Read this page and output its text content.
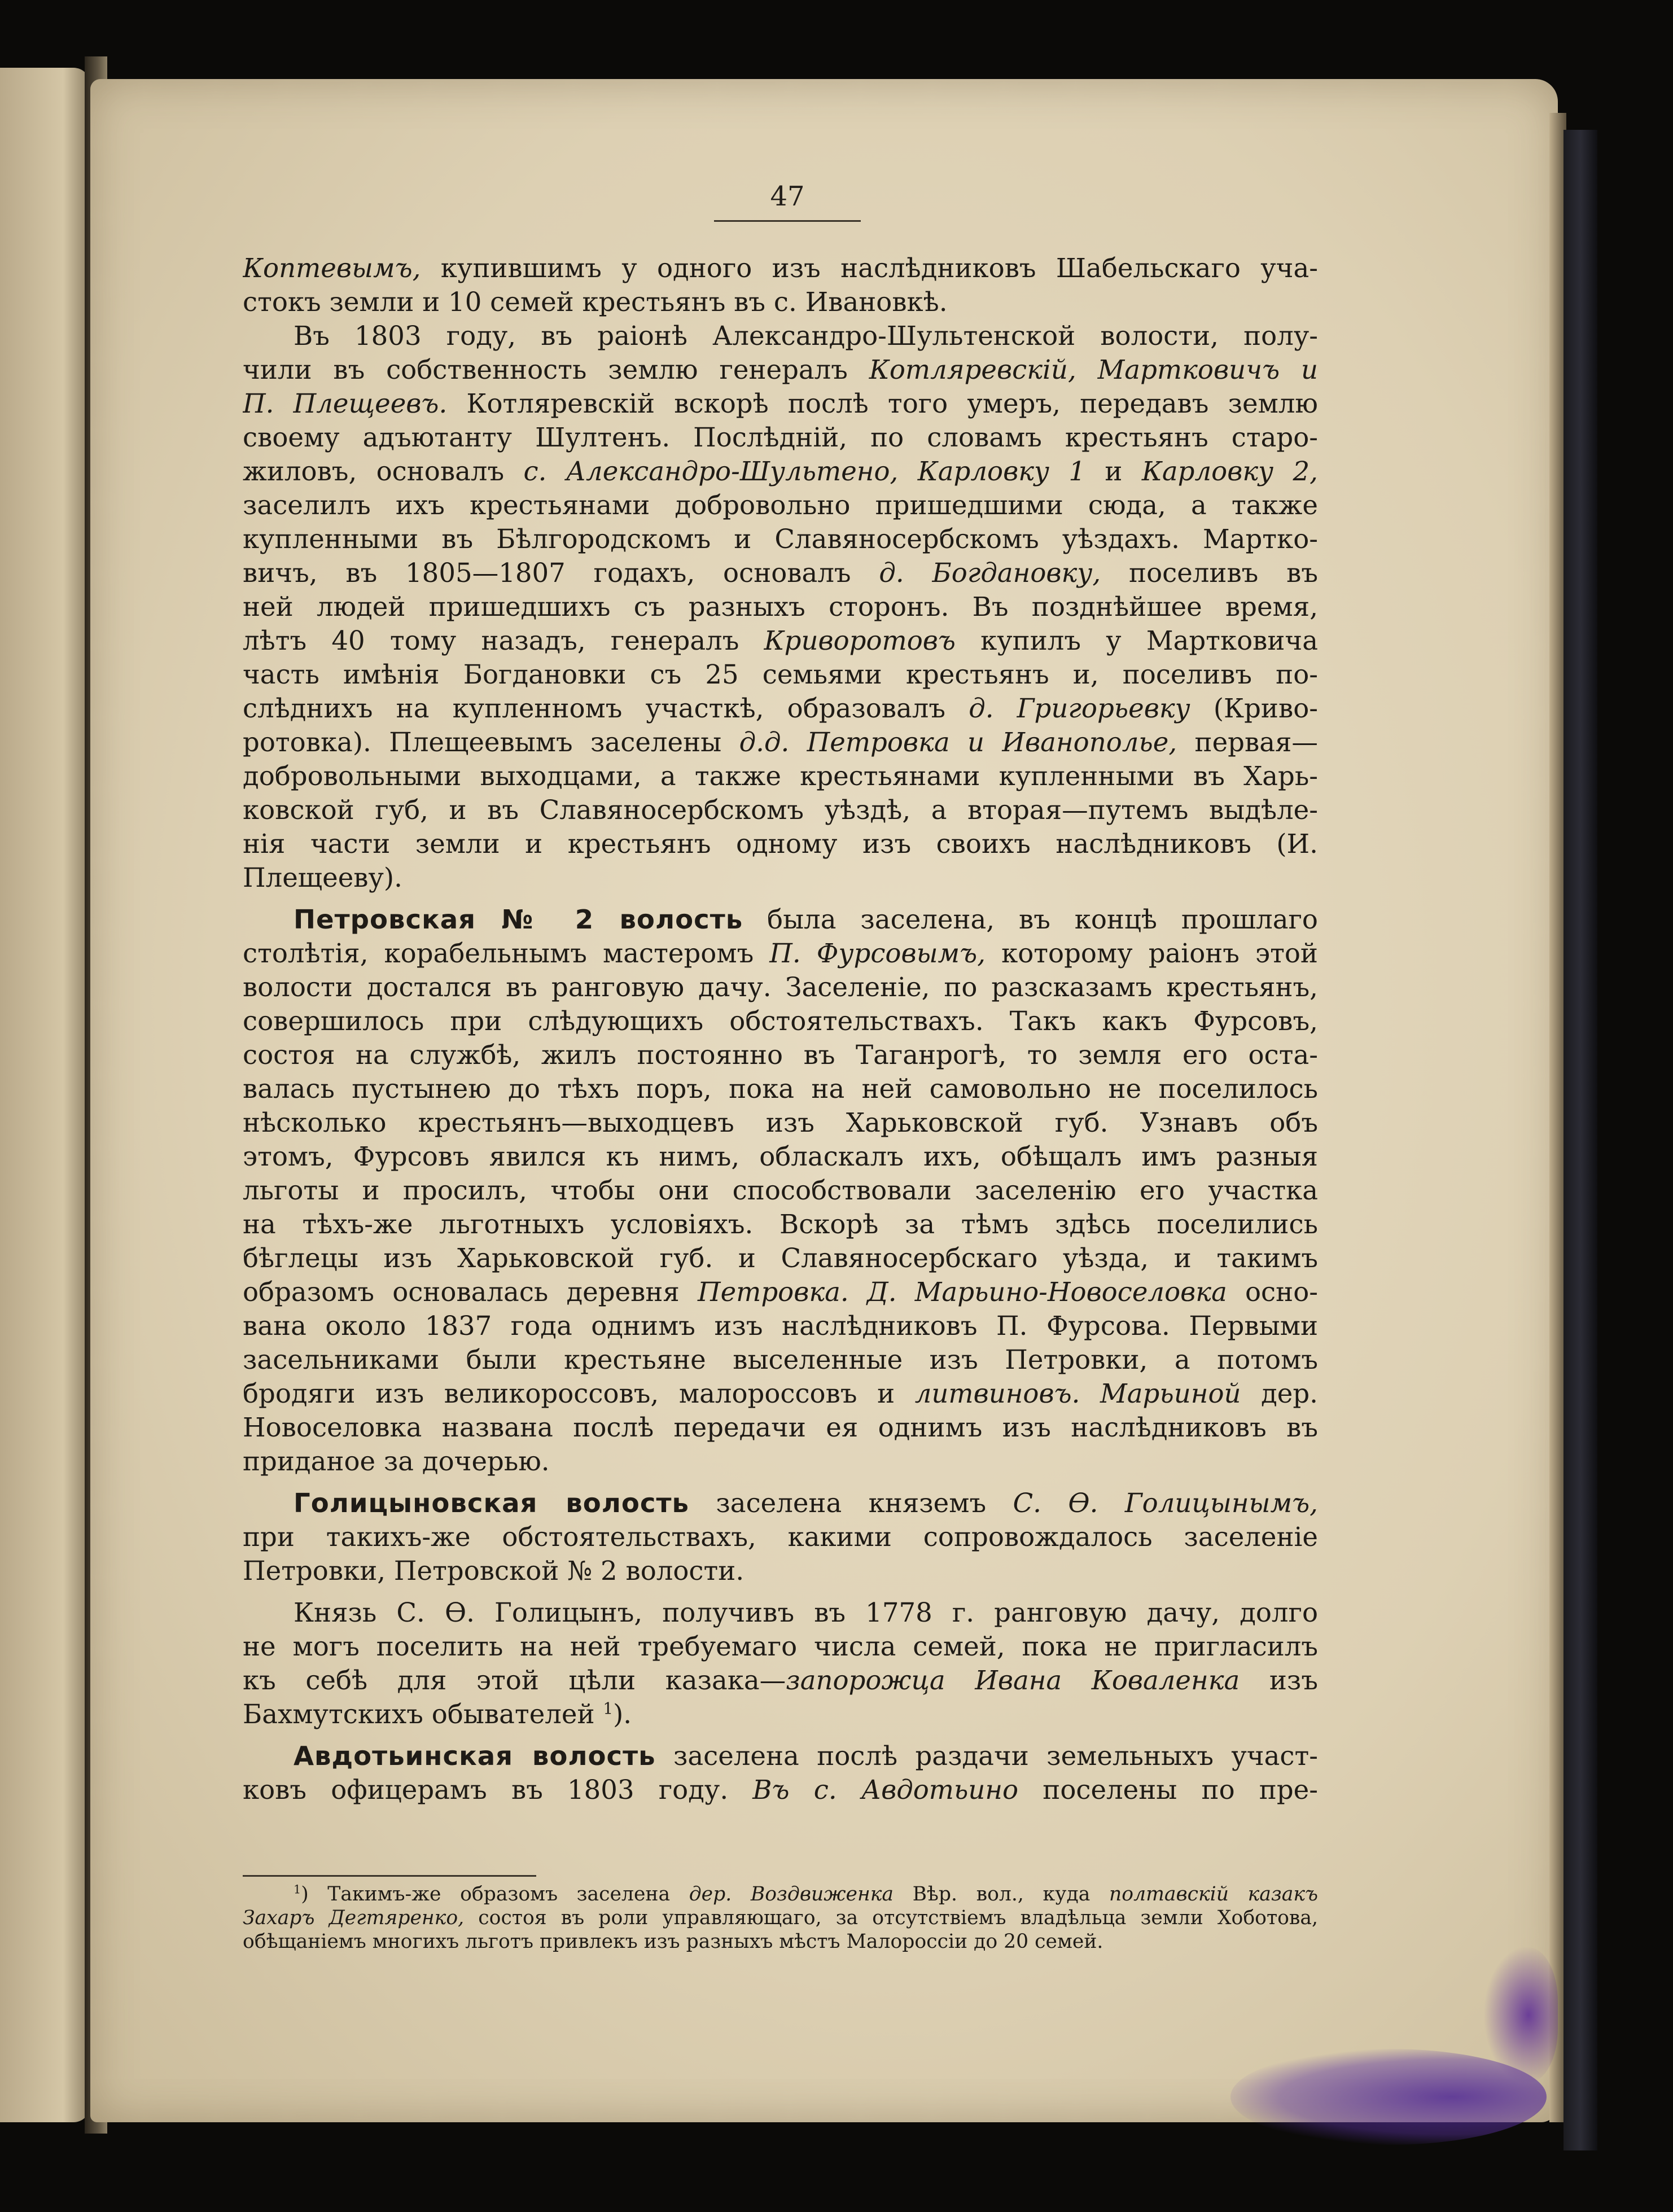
47
Коптевымъ, купившимъ у одного изъ наслѣдниковъ Шабельскаго уча-
стокъ земли и 10 семей крестьянъ въ с. Ивановкѣ.
Въ 1803 году, въ раіонѣ Александро-Шультенской волости, полу-
чили въ собственность землю генералъ Котляревскій, Мартковичъ и
П. Плещеевъ. Котляревскій вскорѣ послѣ того умеръ, передавъ землю
своему адъютанту Шултенъ. Послѣдній, по словамъ крестьянъ старо-
жиловъ, основалъ с. Александро-Шультено, Карловку 1 и Карловку 2,
заселилъ ихъ крестьянами добровольно пришедшими сюда, а также
купленными въ Бѣлгородскомъ и Славяносербскомъ уѣздахъ. Мартко-
вичъ, въ 1805—1807 годахъ, основалъ д. Богдановку, поселивъ въ
ней людей пришедшихъ съ разныхъ сторонъ. Въ позднѣйшее время,
лѣтъ 40 тому назадъ, генералъ Криворотовъ купилъ у Мартковича
часть имѣнія Богдановки съ 25 семьями крестьянъ и, поселивъ по-
слѣднихъ на купленномъ участкѣ, образовалъ д. Григорьевку (Криво-
ротовка). Плещеевымъ заселены д.д. Петровка и Иванополье, первая—
добровольными выходцами, а также крестьянами купленными въ Харь-
ковской губ, и въ Славяносербскомъ уѣздѣ, а вторая—путемъ выдѣле-
нія части земли и крестьянъ одному изъ своихъ наслѣдниковъ (И.
Плещееву).
Петровская № 2 волость была заселена, въ концѣ прошлаго
столѣтія, корабельнымъ мастеромъ П. Фурсовымъ, которому раіонъ этой
волости достался въ ранговую дачу. Заселеніе, по разсказамъ крестьянъ,
совершилось при слѣдующихъ обстоятельствахъ. Такъ какъ Фурсовъ,
состоя на службѣ, жилъ постоянно въ Таганрогѣ, то земля его оста-
валась пустынею до тѣхъ поръ, пока на ней самовольно не поселилось
нѣсколько крестьянъ—выходцевъ изъ Харьковской губ. Узнавъ объ
этомъ, Фурсовъ явился къ нимъ, обласкалъ ихъ, обѣщалъ имъ разныя
льготы и просилъ, чтобы они способствовали заселенію его участка
на тѣхъ-же льготныхъ условіяхъ. Вскорѣ за тѣмъ здѣсь поселились
бѣглецы изъ Харьковской губ. и Славяносербскаго уѣзда, и такимъ
образомъ основалась деревня Петровка. Д. Марьино-Новоселовка осно-
вана около 1837 года однимъ изъ наслѣдниковъ П. Фурсова. Первыми
засельниками были крестьяне выселенные изъ Петровки, а потомъ
бродяги изъ великороссовъ, малороссовъ и литвиновъ. Марьиной дер.
Новоселовка названа послѣ передачи ея однимъ изъ наслѣдниковъ въ
приданое за дочерью.
Голицыновская волость заселена княземъ С. Ѳ. Голицынымъ,
при такихъ-же обстоятельствахъ, какими сопровождалось заселеніе
Петровки, Петровской № 2 волости.
Князь С. Ѳ. Голицынъ, получивъ въ 1778 г. ранговую дачу, долго
не могъ поселить на ней требуемаго числа семей, пока не пригласилъ
къ себѣ для этой цѣли казака—запорожца Ивана Коваленка изъ
Бахмутскихъ обывателей $^1$).
Авдотьинская волость заселена послѣ раздачи земельныхъ участ-
ковъ офицерамъ въ 1803 году. Въ с. Авдотьино поселены по пре-
$^1$) Такимъ-же образомъ заселена дер. Воздвиженка Вѣр. вол., куда полтавскій казакъ
Захаръ Дегтяренко, состоя въ роли управляющаго, за отсутствіемъ владѣльца земли Хоботова,
обѣщаніемъ многихъ льготъ привлекъ изъ разныхъ мѣстъ Малороссіи до 20 семей.
